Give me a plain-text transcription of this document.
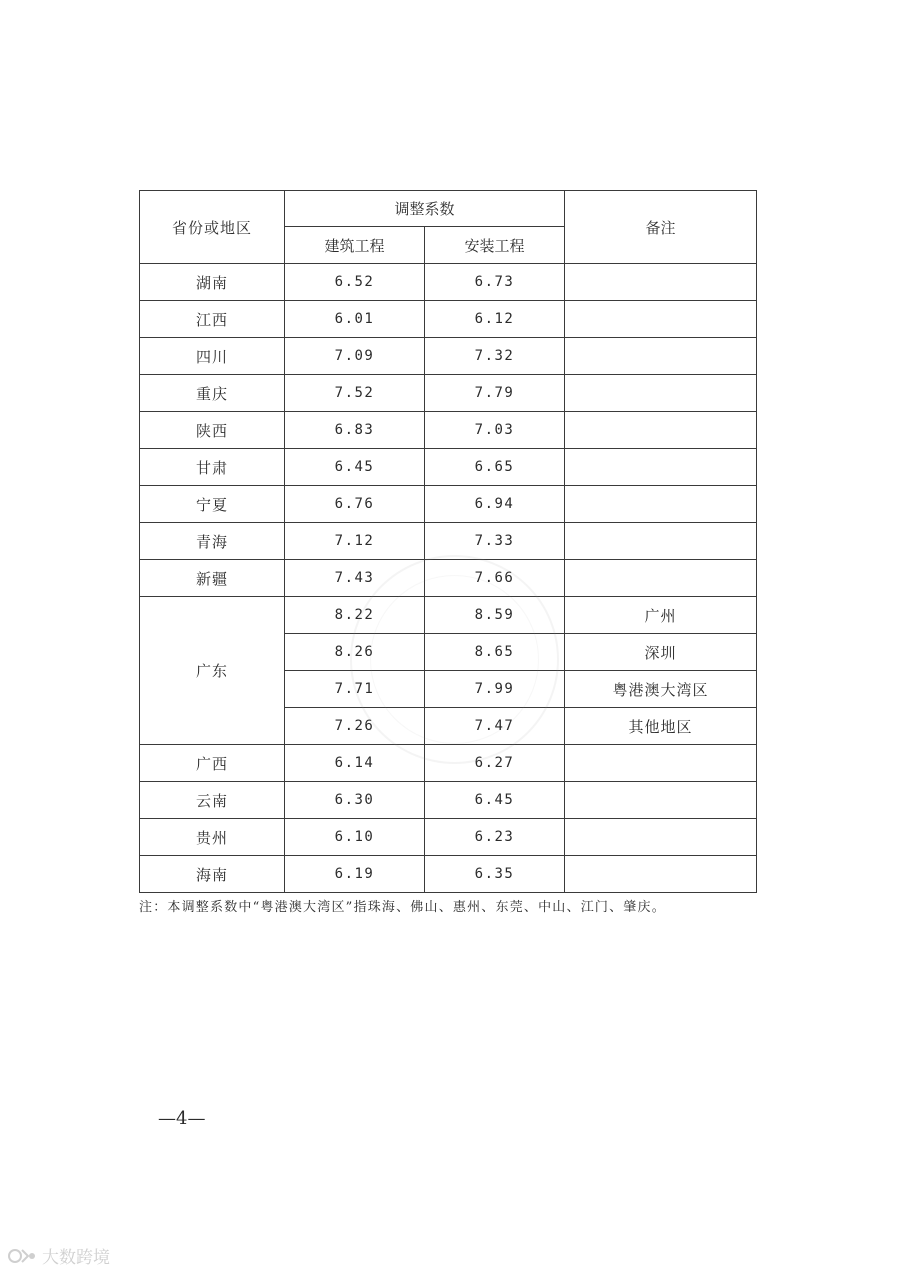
省份或地区	调整系数		备注
	建筑工程	安装工程	
湖南	6.52	6.73	
江西	6.01	6.12	
四川	7.09	7.32	
重庆	7.52	7.79	
陕西	6.83	7.03	
甘肃	6.45	6.65	
宁夏	6.76	6.94	
青海	7.12	7.33	
新疆	7.43	7.66	
广东	8.22	8.59	广州
	8.26	8.65	深圳
	7.71	7.99	粤港澳大湾区
	7.26	7.47	其他地区
广西	6.14	6.27	
云南	6.30	6.45	
贵州	6.10	6.23	
海南	6.19	6.35	
注：本调整系数中“粤港澳大湾区”指珠海、佛山、惠州、东莞、中山、江门、肇庆。
—4—
大数跨境
